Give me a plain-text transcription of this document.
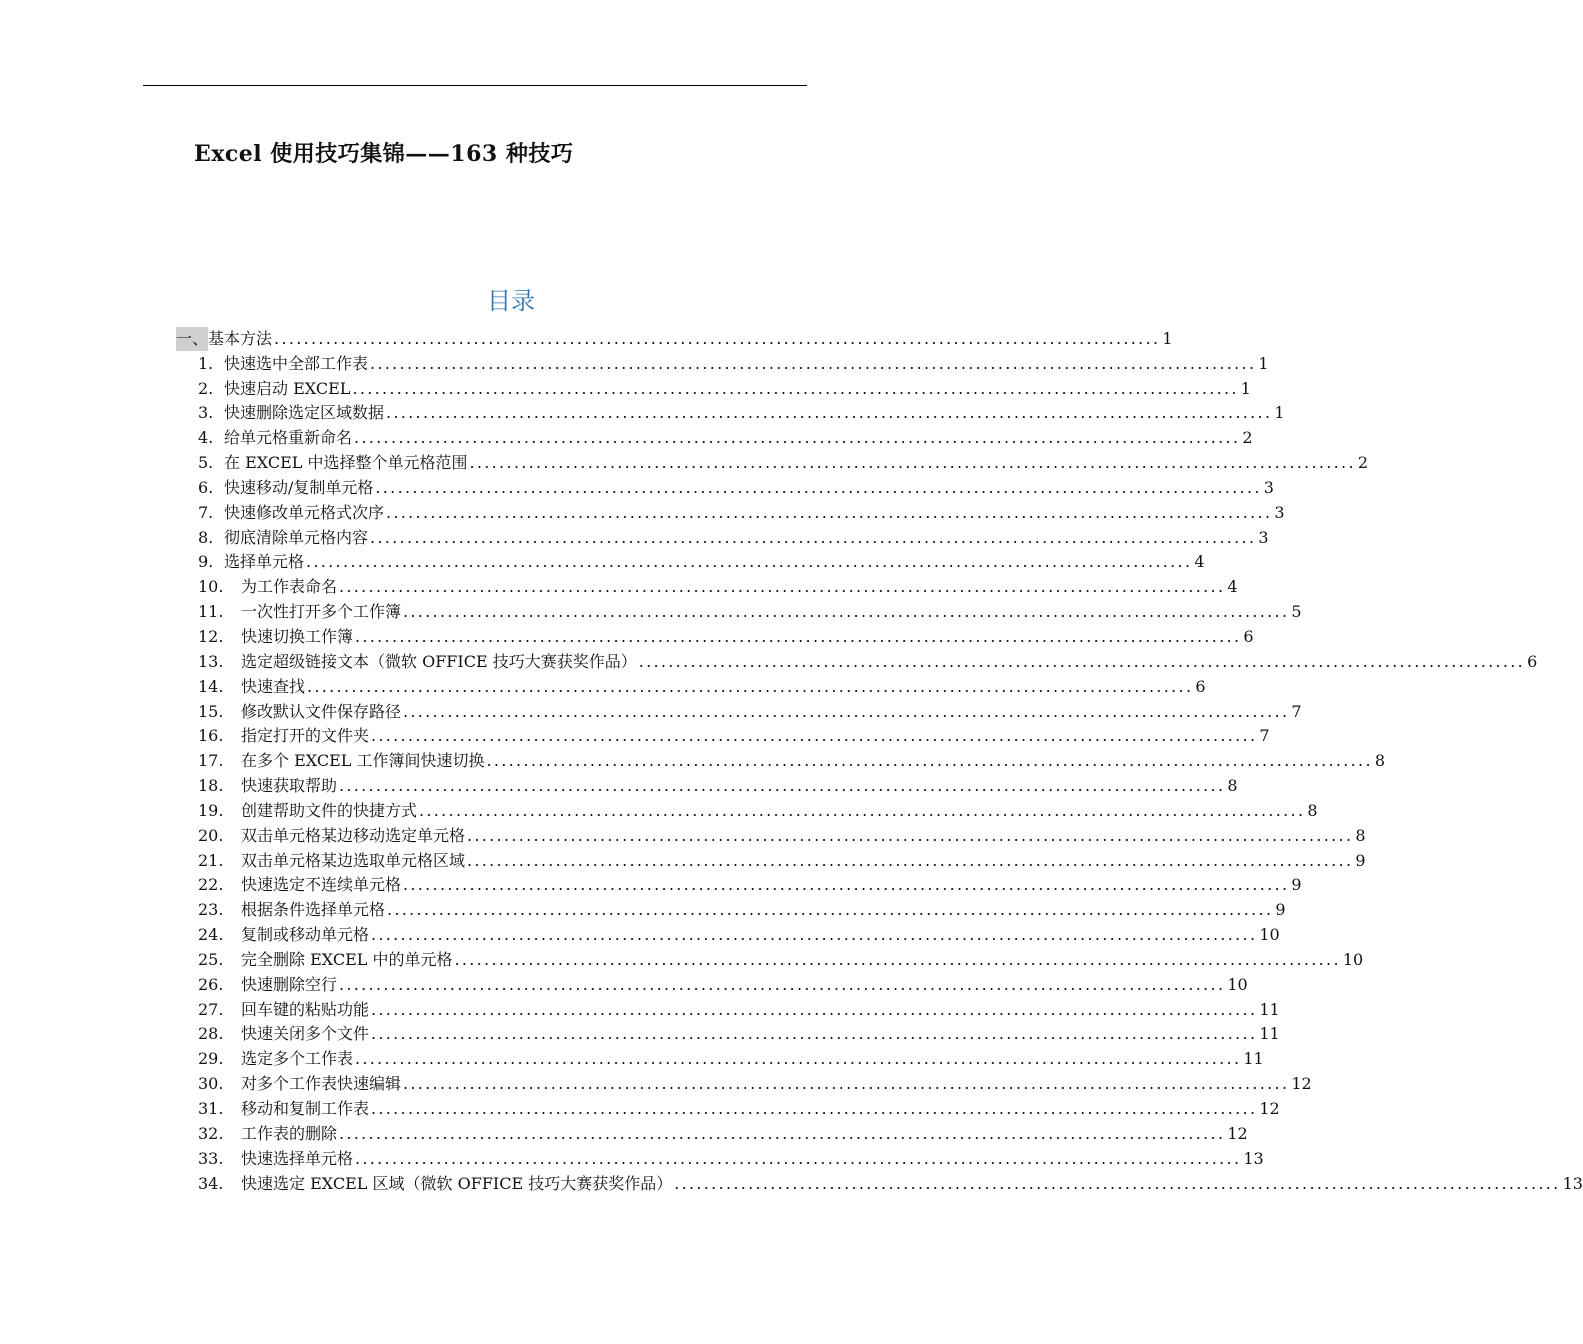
Excel 使用技巧集锦——163 种技巧
目录
一、 基本方法 ........................................................................................................................ 1
1. 快速选中全部工作表 ........................................................................................................................ 1
2. 快速启动 EXCEL ........................................................................................................................ 1
3. 快速删除选定区域数据 ........................................................................................................................ 1
4. 给单元格重新命名 ........................................................................................................................ 2
5. 在 EXCEL 中选择整个单元格范围 ........................................................................................................................ 2
6. 快速移动/复制单元格 ........................................................................................................................ 3
7. 快速修改单元格式次序 ........................................................................................................................ 3
8. 彻底清除单元格内容 ........................................................................................................................ 3
9. 选择单元格 ........................................................................................................................ 4
10.	为工作表命名 ........................................................................................................................ 4
11.	一次性打开多个工作簿 ........................................................................................................................ 5
12.	快速切换工作簿 ........................................................................................................................ 6
13.	选定超级链接文本（微软 OFFICE 技巧大赛获奖作品） ........................................................................................................................ 6
14.	快速查找 ........................................................................................................................ 6
15.	修改默认文件保存路径 ........................................................................................................................ 7
16.	指定打开的文件夹 ........................................................................................................................ 7
17.	在多个 EXCEL 工作簿间快速切换 ........................................................................................................................ 8
18.	快速获取帮助 ........................................................................................................................ 8
19.	创建帮助文件的快捷方式 ........................................................................................................................ 8
20.	双击单元格某边移动选定单元格 ........................................................................................................................ 8
21.	双击单元格某边选取单元格区域 ........................................................................................................................ 9
22.	快速选定不连续单元格 ........................................................................................................................ 9
23.	根据条件选择单元格 ........................................................................................................................ 9
24.	复制或移动单元格 ........................................................................................................................ 10
25.	完全删除 EXCEL 中的单元格 ........................................................................................................................ 10
26.	快速删除空行 ........................................................................................................................ 10
27.	回车键的粘贴功能 ........................................................................................................................ 11
28.	快速关闭多个文件 ........................................................................................................................ 11
29.	选定多个工作表 ........................................................................................................................ 11
30.	对多个工作表快速编辑 ........................................................................................................................ 12
31.	移动和复制工作表 ........................................................................................................................ 12
32.	工作表的删除 ........................................................................................................................ 12
33.	快速选择单元格 ........................................................................................................................ 13
34.	快速选定 EXCEL 区域（微软 OFFICE 技巧大赛获奖作品） ........................................................................................................................ 13
